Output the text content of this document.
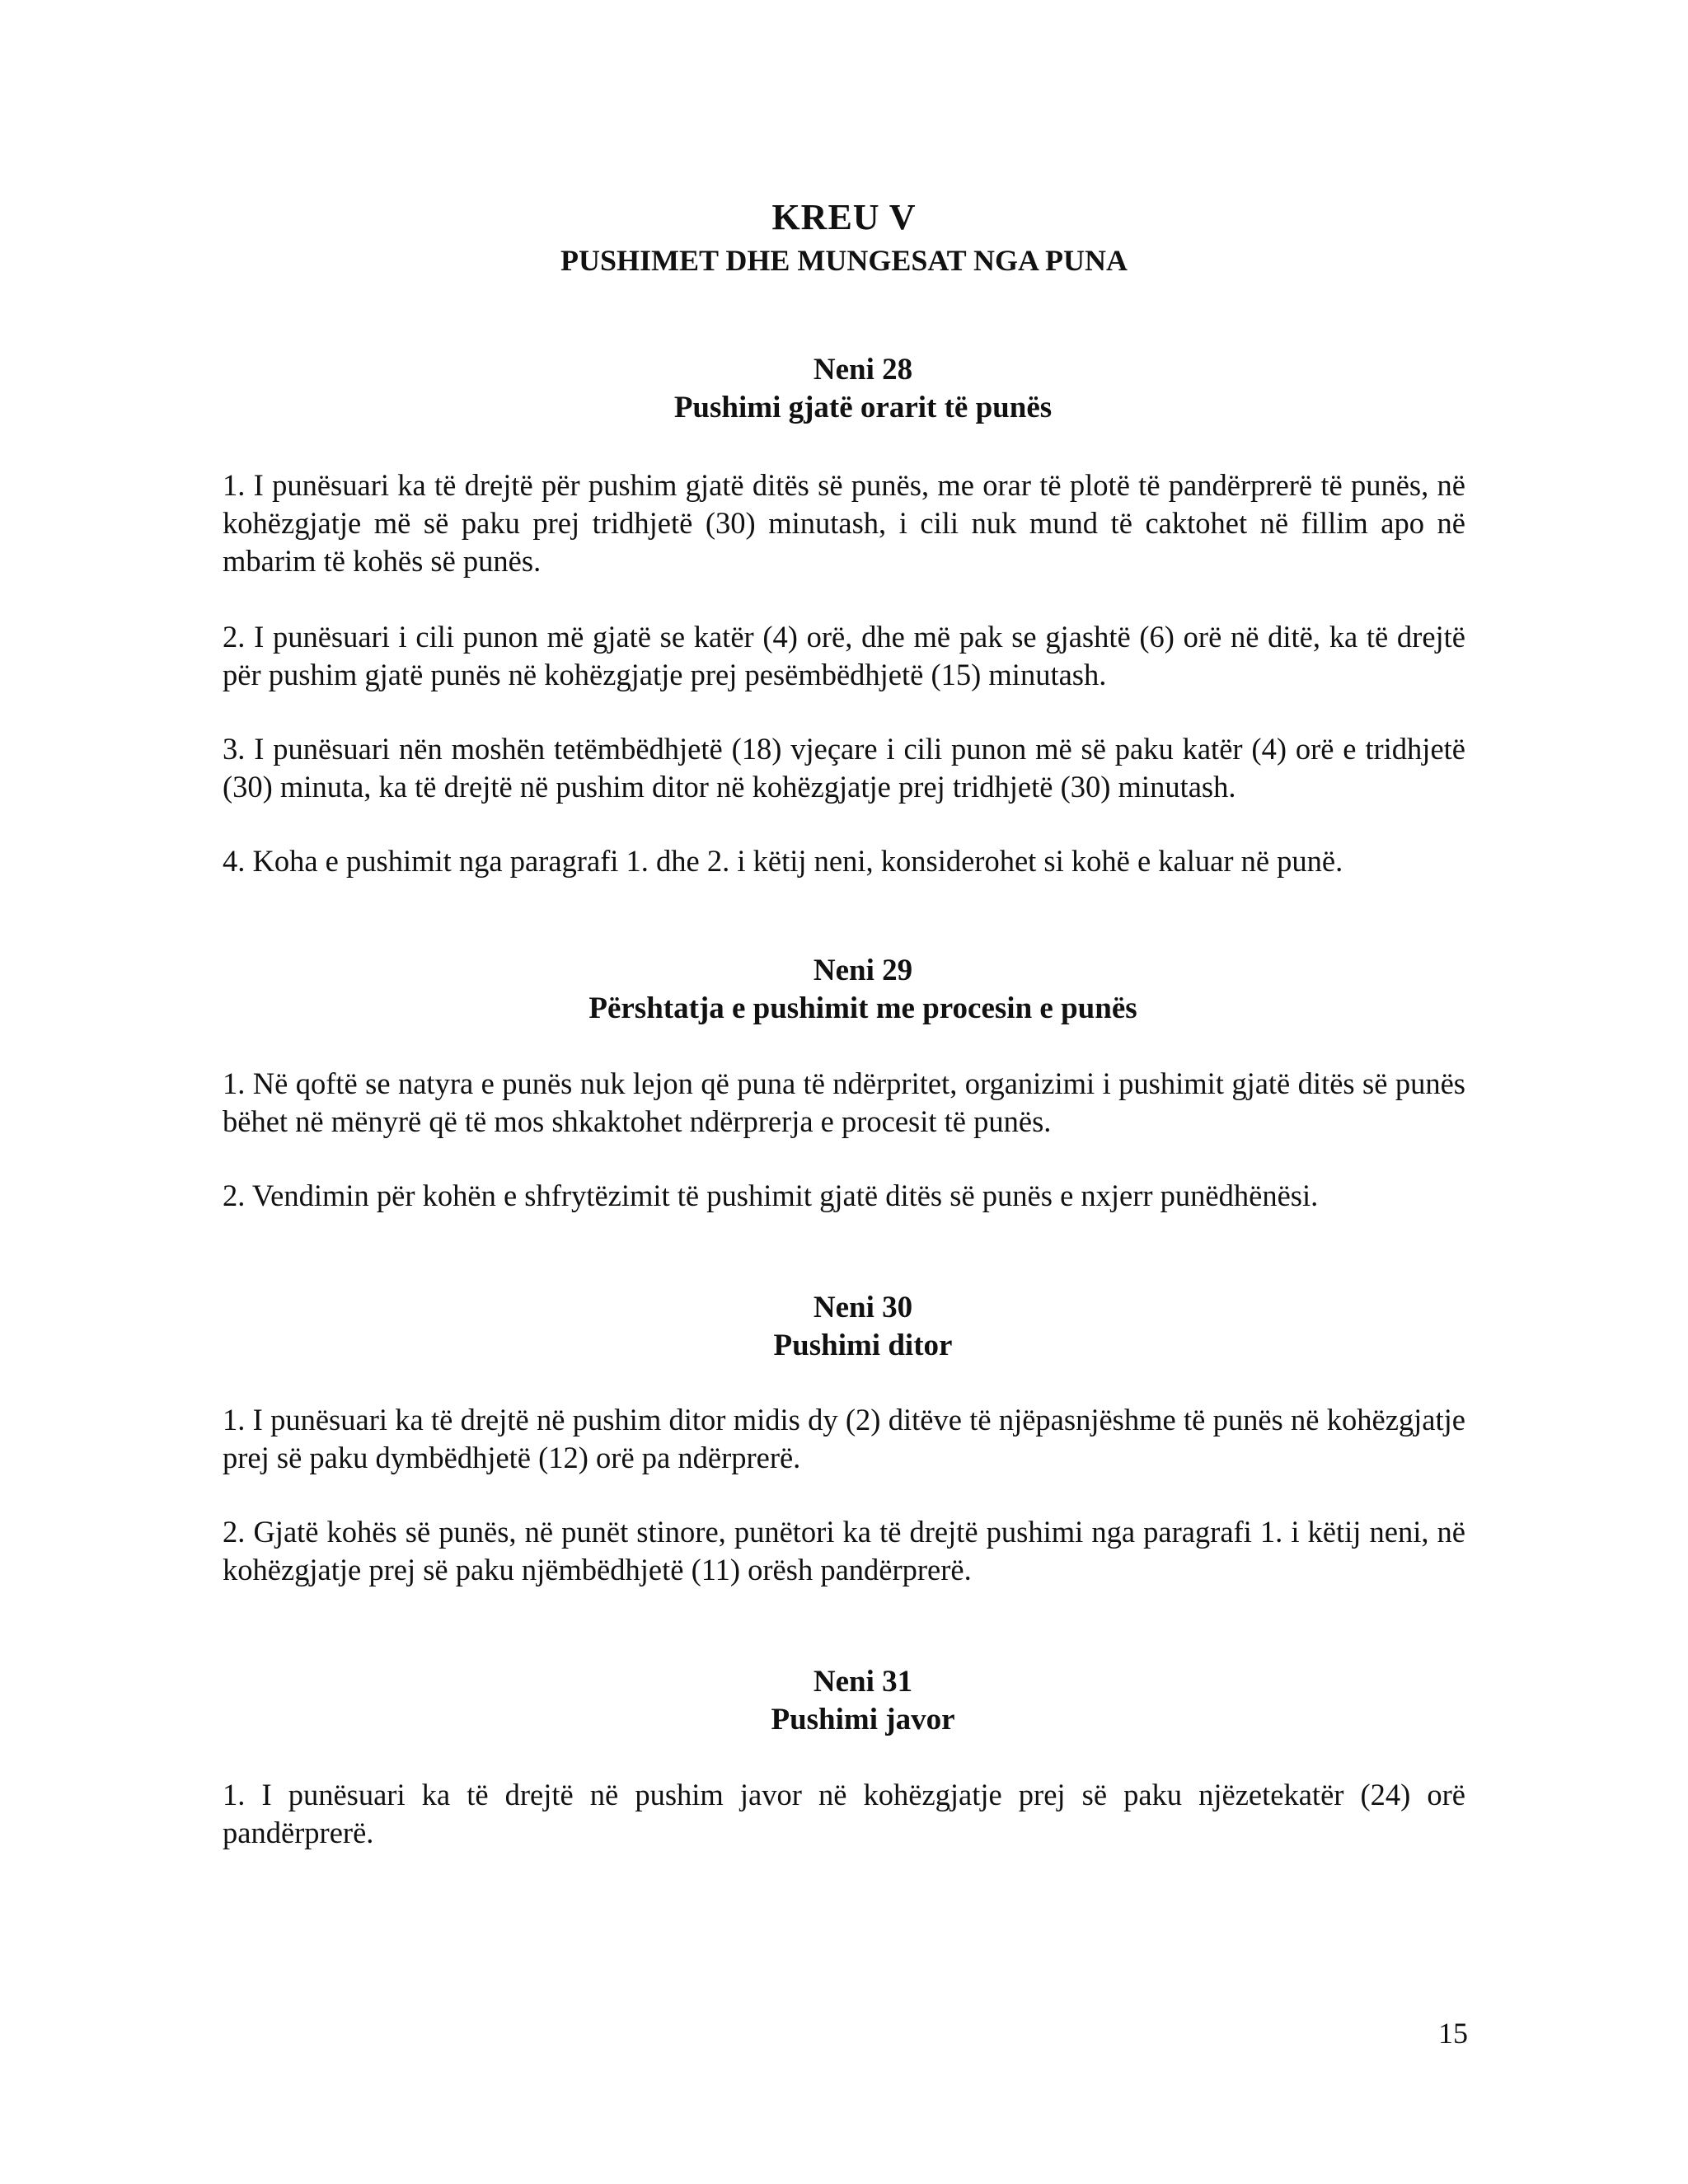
KREU V
PUSHIMET DHE MUNGESAT NGA PUNA
Neni 28
Pushimi gjatë orarit të punës

1. I punësuari ka të drejtë për pushim gjatë ditës së punës, me orar të plotë të pandërprerë të punës, në kohëzgjatje më së paku prej tridhjetë (30) minutash, i cili nuk mund të caktohet në fillim apo në mbarim të kohës së punës.

2. I punësuari i cili punon më gjatë se katër (4) orë, dhe më pak se gjashtë (6) orë në ditë, ka të drejtë për pushim gjatë punës në kohëzgjatje prej pesëmbëdhjetë (15) minutash.

3. I punësuari nën moshën tetëmbëdhjetë (18) vjeçare i cili punon më së paku katër (4) orë e tridhjetë (30) minuta, ka të drejtë në pushim ditor në kohëzgjatje prej tridhjetë (30) minutash.

4. Koha e pushimit nga paragrafi 1. dhe 2. i këtij neni, konsiderohet si kohë e kaluar në punë.

Neni 29
Përshtatja e pushimit me procesin e punës

1. Në qoftë se natyra e punës nuk lejon që puna të ndërpritet, organizimi i pushimit gjatë ditës së punës bëhet në mënyrë që të mos shkaktohet ndërprerja e procesit të punës.

2. Vendimin për kohën e shfrytëzimit të pushimit gjatë ditës së punës e nxjerr punëdhënësi.

Neni 30
Pushimi ditor

1. I punësuari ka të drejtë në pushim ditor midis dy (2) ditëve të njëpasnjëshme të punës në kohëzgjatje prej së paku dymbëdhjetë (12) orë pa ndërprerë.

2. Gjatë kohës së punës, në punët stinore, punëtori ka të drejtë pushimi nga paragrafi 1. i këtij neni, në kohëzgjatje prej së paku njëmbëdhjetë (11) orësh pandërprerë.

Neni 31
Pushimi javor

1. I punësuari ka të drejtë në pushim javor në kohëzgjatje prej së paku njëzetekatër (24) orë pandërprerë.

15
